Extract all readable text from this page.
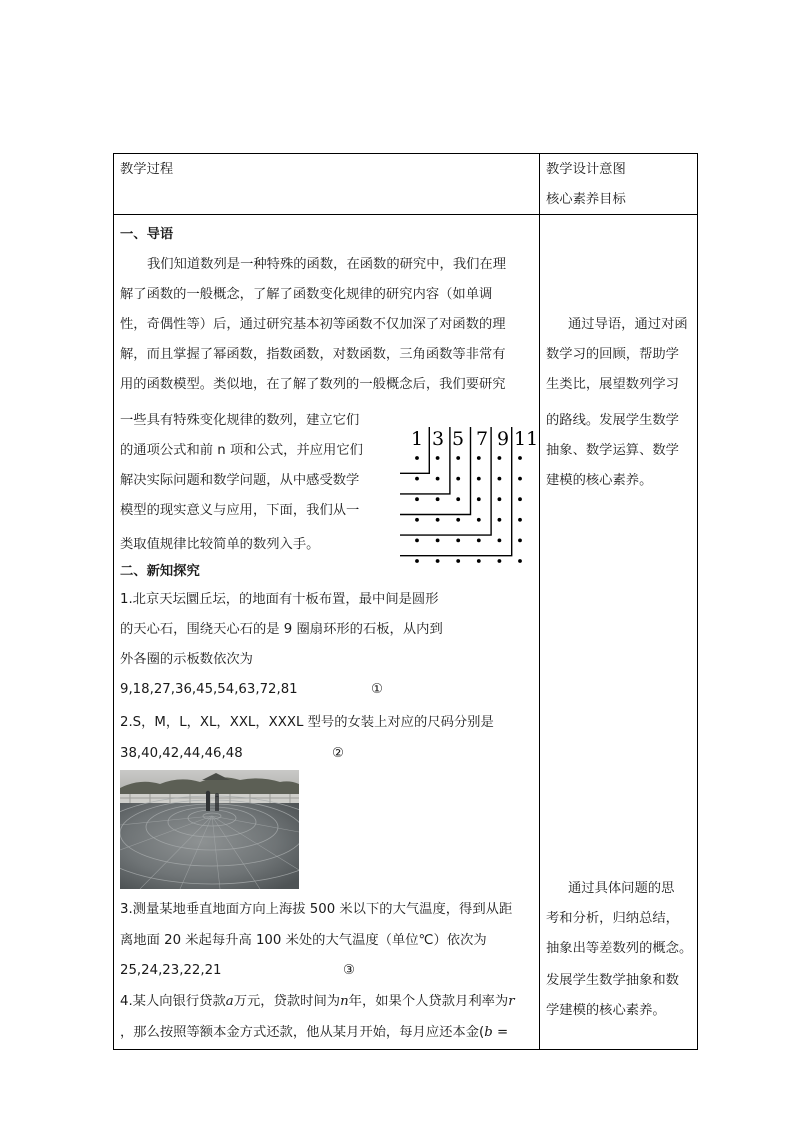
教学过程	教学设计意图
核心素养目标
一、导语
我们知道数列是一种特殊的函数，在函数的研究中，我们在理
解了函数的一般概念，了解了函数变化规律的研究内容（如单调
性，奇偶性等）后，通过研究基本初等函数不仅加深了对函数的理
解，而且掌握了幂函数，指数函数，对数函数，三角函数等非常有
用的函数模型。类似地，在了解了数列的一般概念后，我们要研究
一些具有特殊变化规律的数列，建立它们
的通项公式和前 n 项和公式，并应用它们
解决实际问题和数学问题，从中感受数学
模型的现实意义与应用，下面，我们从一
类取值规律比较简单的数列入手。
1 3 5 7 9 11
二、新知探究
1.北京天坛圜丘坛，的地面有十板布置，最中间是圆形
的天心石，围绕天心石的是 9 圈扇环形的石板，从内到
外各圈的示板数依次为
9,18,27,36,45,54,63,72,81	①
2.S，M，L，XL，XXL，XXXL 型号的女装上对应的尺码分别是
38,40,42,44,46,48	②
3.测量某地垂直地面方向上海拔 500 米以下的大气温度，得到从距
离地面 20 米起每升高 100 米处的大气温度（单位℃）依次为
25,24,23,22,21	③
4.某人向银行贷款a万元，贷款时间为n年，如果个人贷款月利率为r
，那么按照等额本金方式还款，他从某月开始，每月应还本金(b =
通过导语，通过对函
数学习的回顾，帮助学
生类比，展望数列学习
的路线。发展学生数学
抽象、数学运算、数学
建模的核心素养。
通过具体问题的思
考和分析，归纳总结，
抽象出等差数列的概念。
发展学生数学抽象和数
学建模的核心素养。
